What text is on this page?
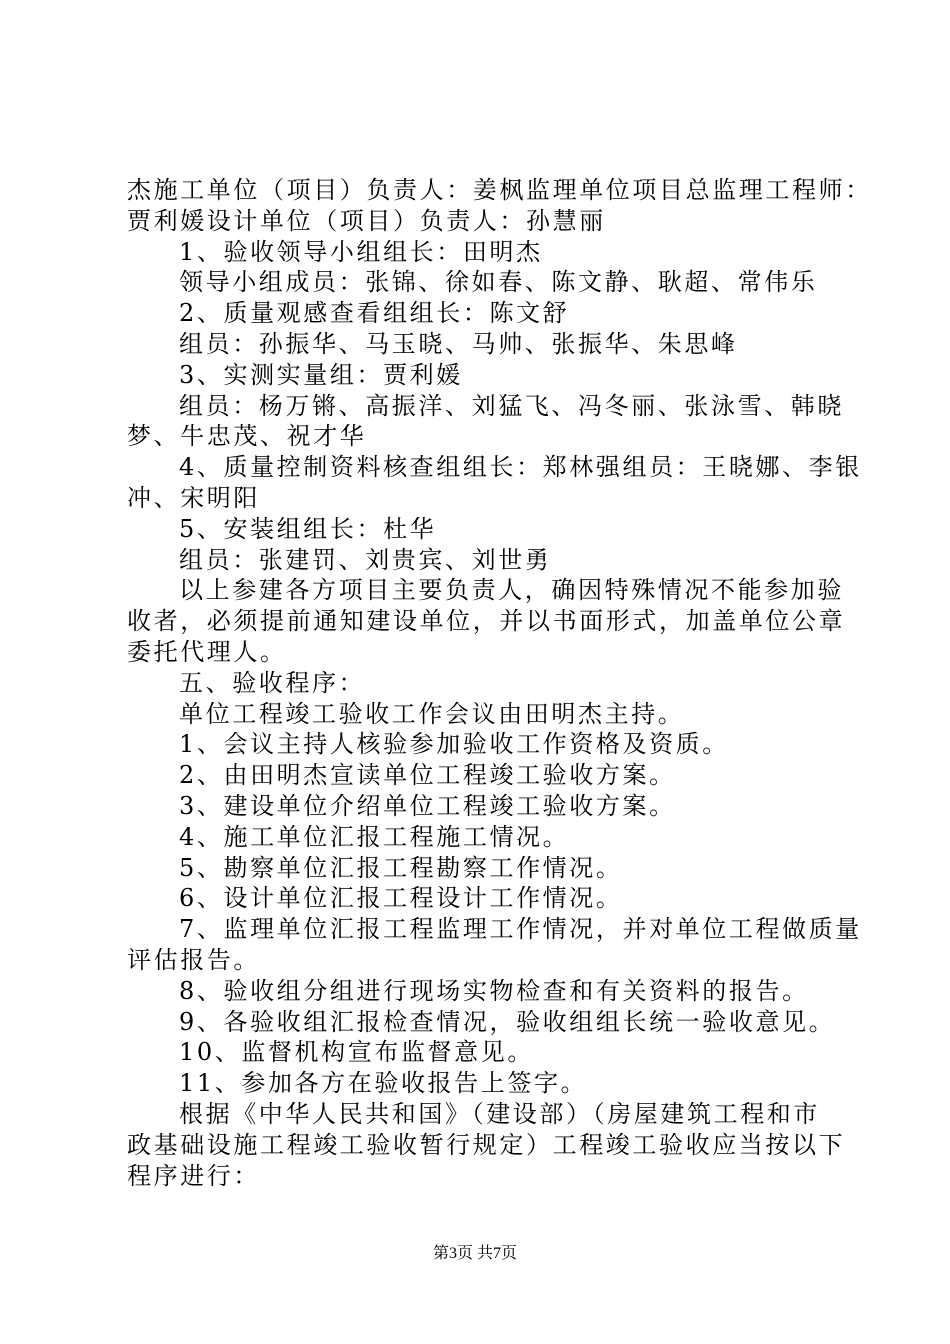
杰施工单位（项目）负责人：姜枫监理单位项目总监理工程师：
贾利媛设计单位（项目）负责人：孙慧丽
1、验收领导小组组长：田明杰
领导小组成员：张锦、徐如春、陈文静、耿超、常伟乐
2、质量观感查看组组长：陈文舒
组员：孙振华、马玉晓、马帅、张振华、朱思峰
3、实测实量组：贾利媛
组员：杨万锵、高振洋、刘猛飞、冯冬丽、张泳雪、韩晓
梦、牛忠茂、祝才华
4、质量控制资料核查组组长：郑林强组员：王晓娜、李银
冲、宋明阳
5、安装组组长：杜华
组员：张建罚、刘贵宾、刘世勇
以上参建各方项目主要负责人，确因特殊情况不能参加验
收者，必须提前通知建设单位，并以书面形式，加盖单位公章
委托代理人。
五、验收程序：
单位工程竣工验收工作会议由田明杰主持。
1、会议主持人核验参加验收工作资格及资质。
2、由田明杰宣读单位工程竣工验收方案。
3、建设单位介绍单位工程竣工验收方案。
4、施工单位汇报工程施工情况。
5、勘察单位汇报工程勘察工作情况。
6、设计单位汇报工程设计工作情况。
7、监理单位汇报工程监理工作情况，并对单位工程做质量
评估报告。
8、验收组分组进行现场实物检查和有关资料的报告。
9、各验收组汇报检查情况，验收组组长统一验收意见。
10、监督机构宣布监督意见。
11、参加各方在验收报告上签字。
根据《中华人民共和国》（建设部）（房屋建筑工程和市
政基础设施工程竣工验收暂行规定）工程竣工验收应当按以下
程序进行：
第3页 共7页
